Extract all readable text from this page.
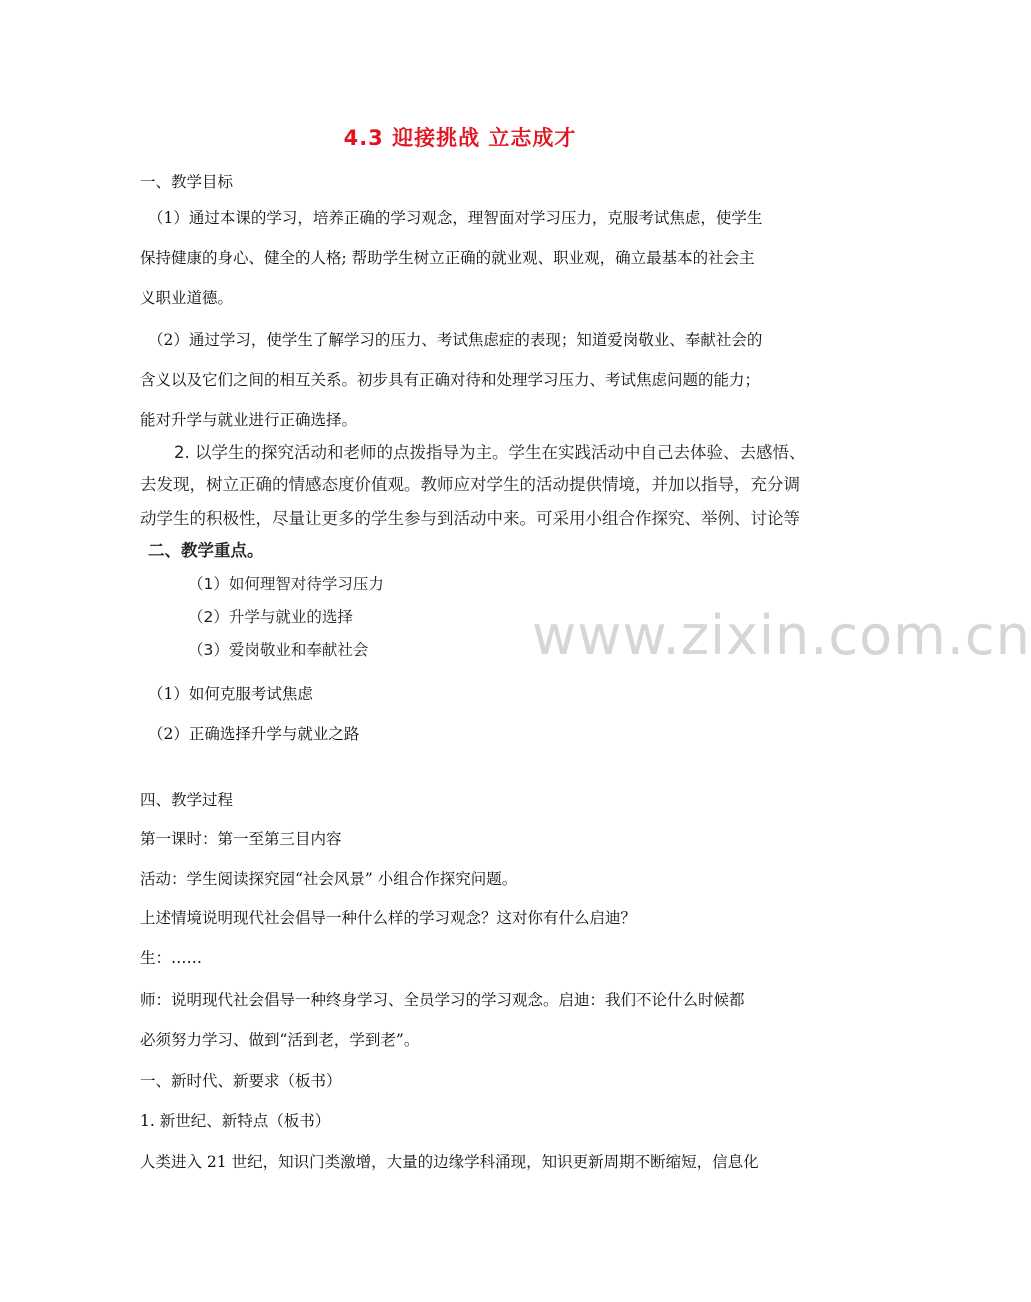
4.3 迎接挑战 立志成才
一、教学目标
（1）通过本课的学习，培养正确的学习观念，理智面对学习压力，克服考试焦虑，使学生
保持健康的身心、健全的人格; 帮助学生树立正确的就业观、职业观，确立最基本的社会主
义职业道德。
（2）通过学习，使学生了解学习的压力、考试焦虑症的表现；知道爱岗敬业、奉献社会的
含义以及它们之间的相互关系。初步具有正确对待和处理学习压力、考试焦虑问题的能力；
能对升学与就业进行正确选择。
2. 以学生的探究活动和老师的点拨指导为主。学生在实践活动中自己去体验、去感悟、
去发现，树立正确的情感态度价值观。教师应对学生的活动提供情境，并加以指导，充分调
动学生的积极性，尽量让更多的学生参与到活动中来。可采用小组合作探究、举例、讨论等
二、教学重点。
（1）如何理智对待学习压力
（2）升学与就业的选择
（3）爱岗敬业和奉献社会
（1）如何克服考试焦虑
（2）正确选择升学与就业之路
四、教学过程
第一课时：第一至第三目内容
活动：学生阅读探究园“社会风景” 小组合作探究问题。
上述情境说明现代社会倡导一种什么样的学习观念？这对你有什么启迪？
生：……
师：说明现代社会倡导一种终身学习、全员学习的学习观念。启迪：我们不论什么时候都
必须努力学习、做到“活到老，学到老”。
一、新时代、新要求（板书）
1. 新世纪、新特点（板书）
人类进入 21 世纪，知识门类激增，大量的边缘学科涌现，知识更新周期不断缩短，信息化
www.zixin.com.cn
